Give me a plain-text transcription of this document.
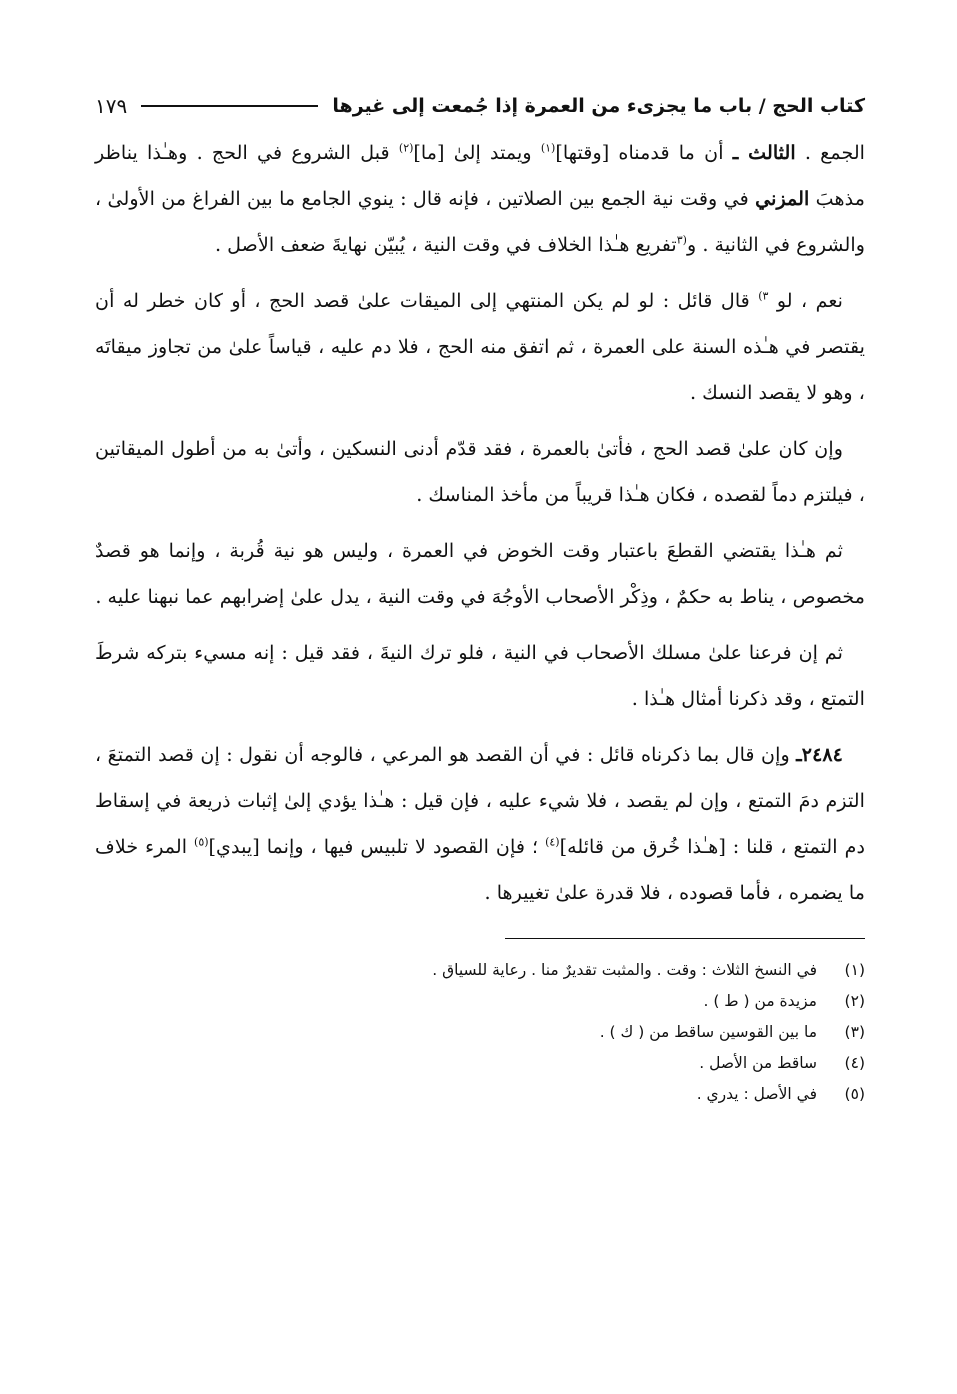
كتاب الحج / باب ما يجزىء من العمرة إذا جُمعت إلى غيرها
١٧٩

الجمع . الثالث ـ أن ما قدمناه [وقتها]$^{(١)}$ ويمتد إلىٰ [ما]$^{(٢)}$ قبل الشروع في الحج . وهـٰذا يناظر مذهبَ المزني في وقت نية الجمع بين الصلاتين ، فإنه قال : ينوي الجامع ما بين الفراغ من الأولىٰ ، والشروع في الثانية . و$^{(٣}$تفريع هـٰذا الخلاف في وقت النية ، يُبيّن نهايةَ ضعف الأصل .

نعم ، لو $^{٣)}$ قال قائل : لو لم يكن المنتهي إلى الميقات علىٰ قصد الحج ، أو كان خطر له أن يقتصر في هـٰذه السنة على العمرة ، ثم اتفق منه الحج ، فلا دم عليه ، قياساً علىٰ من تجاوز ميقاتَه ، وهو لا يقصد النسك .

وإن كان علىٰ قصد الحج ، فأتىٰ بالعمرة ، فقد قدّم أدنى النسكين ، وأتىٰ به من أطول الميقاتين ، فيلتزم دماً لقصده ، فكان هـٰذا قريباً من مأخذ المناسك .

ثم هـٰذا يقتضي القطعَ باعتبار وقت الخوض في العمرة ، وليس هو نية قُربة ، وإنما هو قصدٌ مخصوص ، يناط به حكمٌ ، وذِكْر الأصحاب الأوجُهَ في وقت النية ، يدل علىٰ إضرابهم عما نبهنا عليه .

ثم إن فرعنا علىٰ مسلك الأصحاب في النية ، فلو ترك النيةَ ، فقد قيل : إنه مسيء بتركه شرطَ التمتع ، وقد ذكرنا أمثال هـٰذا .

٢٤٨٤ـ وإن قال بما ذكرناه قائل : في أن القصد هو المرعي ، فالوجه أن نقول : إن قصد التمتعَ ، التزم دمَ التمتع ، وإن لم يقصد ، فلا شيء عليه ، فإن قيل : هـٰذا يؤدي إلىٰ إثبات ذريعة في إسقاط دم التمتع ، قلنا : [هـٰذا خُرق من قائله]$^{(٤)}$ ؛ فإن القصود لا تلبيس فيها ، وإنما [يبدي]$^{(٥)}$ المرء خلاف ما يضمره ، فأما قصوده ، فلا قدرة علىٰ تغييرها .

(١)
في النسخ الثلاث : وقت . والمثبت تقديرٌ منا . رعاية للسياق .
(٢)
مزيدة من ( ط ) .
(٣)
ما بين القوسين ساقط من ( ك ) .
(٤)
ساقط من الأصل .
(٥)
في الأصل : يدري .
